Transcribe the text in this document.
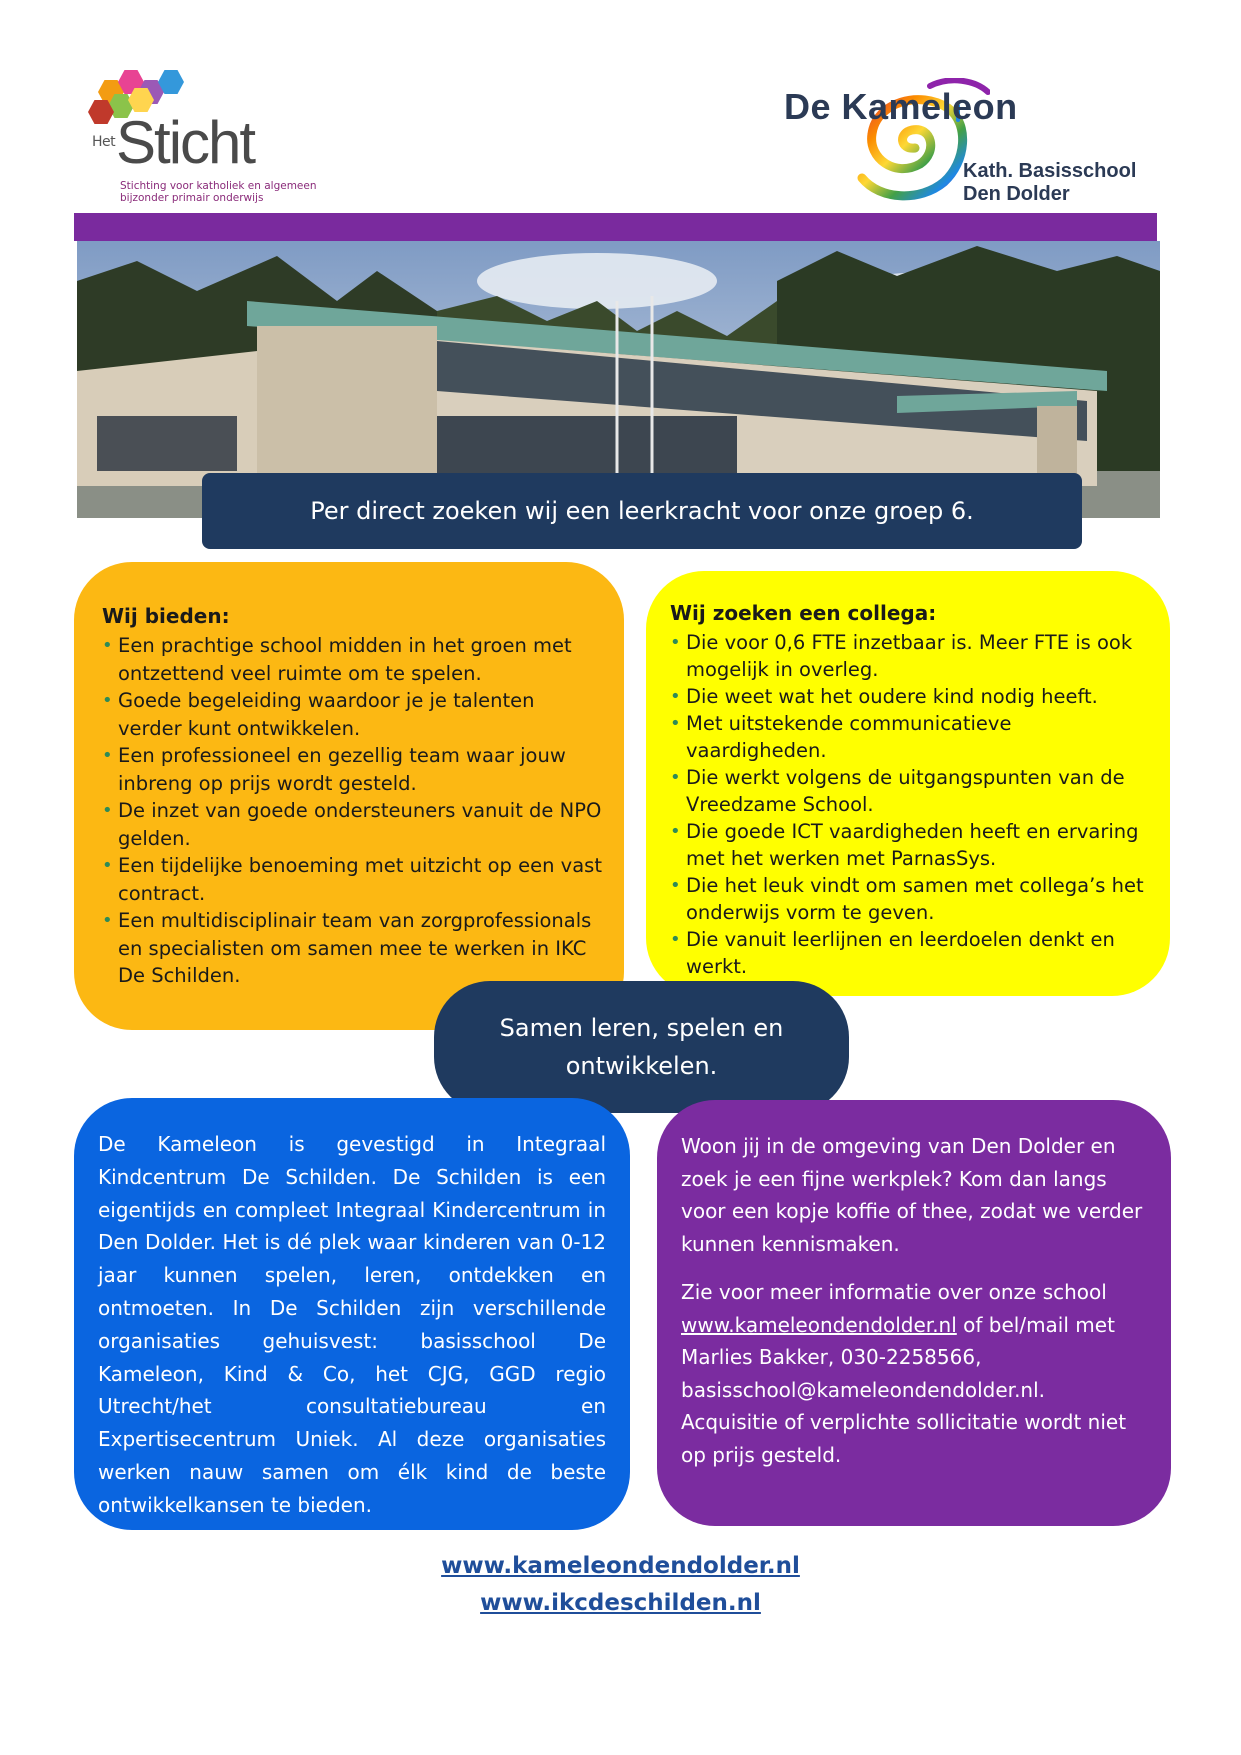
Het Sticht
Stichting voor katholiek en algemeen
bijzonder primair onderwijs
De Kameleon
Kath. Basisschool
Den Dolder
Per direct zoeken wij een leerkracht voor onze groep 6.
Wij bieden:
• Een prachtige school midden in het groen met ontzettend veel ruimte om te spelen.
• Goede begeleiding waardoor je je talenten verder kunt ontwikkelen.
• Een professioneel en gezellig team waar jouw inbreng op prijs wordt gesteld.
• De inzet van goede ondersteuners vanuit de NPO gelden.
• Een tijdelijke benoeming met uitzicht op een vast contract.
• Een multidisciplinair team van zorgprofessionals en specialisten om samen mee te werken in IKC De Schilden.
Wij zoeken een collega:
• Die voor 0,6 FTE inzetbaar is. Meer FTE is ook mogelijk in overleg.
• Die weet wat het oudere kind nodig heeft.
• Met uitstekende communicatieve vaardigheden.
• Die werkt volgens de uitgangspunten van de Vreedzame School.
• Die goede ICT vaardigheden heeft en ervaring met het werken met ParnasSys.
• Die het leuk vindt om samen met collega’s het onderwijs vorm te geven.
• Die vanuit leerlijnen en leerdoelen denkt en werkt.
Samen leren, spelen en
ontwikkelen.
De Kameleon is gevestigd in Integraal Kindcentrum De Schilden. De Schilden is een eigentijds en compleet Integraal Kindercentrum in Den Dolder. Het is dé plek waar kinderen van 0-12 jaar kunnen spelen, leren, ontdekken en ontmoeten. In De Schilden zijn verschillende organisaties gehuisvest: basisschool De Kameleon, Kind & Co, het CJG, GGD regio Utrecht/het consultatiebureau en Expertisecentrum Uniek. Al deze organisaties werken nauw samen om élk kind de beste ontwikkelkansen te bieden.

Woon jij in de omgeving van Den Dolder en zoek je een fijne werkplek? Kom dan langs voor een kopje koffie of thee, zodat we verder kunnen kennismaken.

Zie voor meer informatie over onze school www.kameleondendolder.nl of bel/mail met Marlies Bakker, 030-2258566, basisschool@kameleondendolder.nl. Acquisitie of verplichte sollicitatie wordt niet op prijs gesteld.

www.kameleondendolder.nl
www.ikcdeschilden.nl
